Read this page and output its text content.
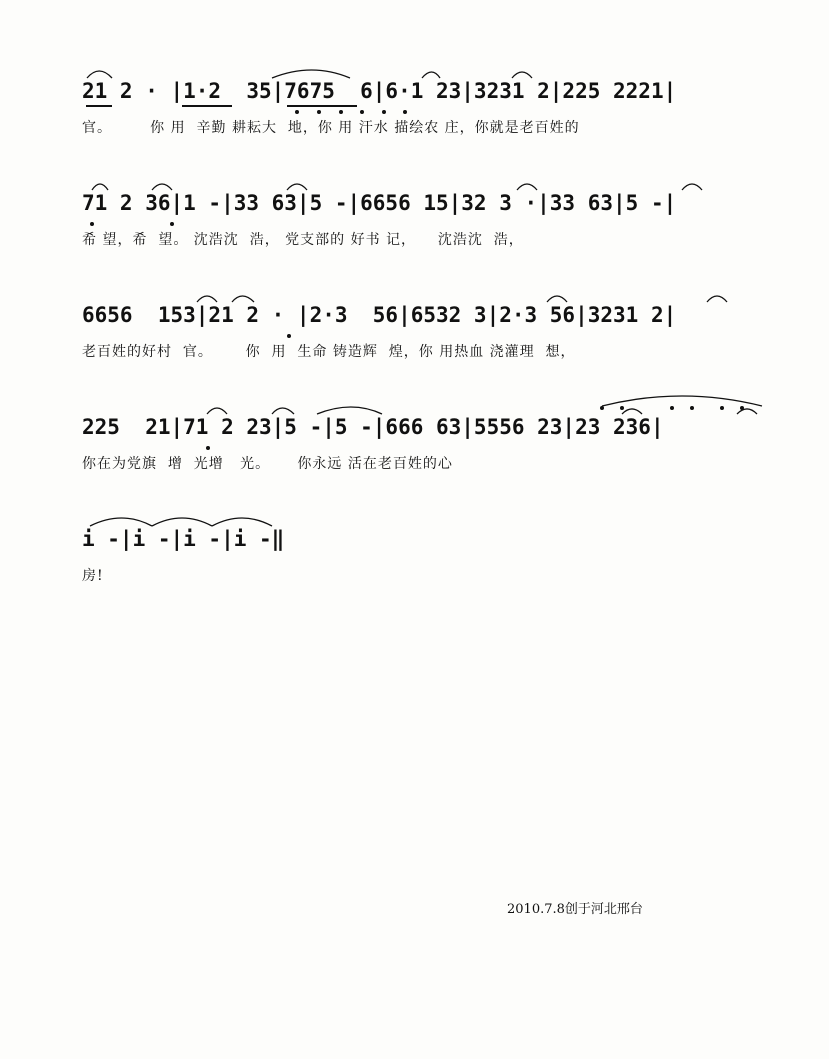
21 2 · |1·2  35|7675  6|6·1 23|3231 2|225 2221|
官。       你 用  辛勤 耕耘大  地，你 用 汗水 描绘农 庄，你就是老百姓的
71 2 36|1 -|33 63|5 -|6656 15|32 3 ·|33 63|5 -|
希 望，希  望。 沈浩沈  浩， 党支部的 好书 记，    沈浩沈  浩，
6656  153|21 2 · |2·3  56|6532 3|2·3 56|3231 2|
老百姓的好村  官。      你  用  生命 铸造辉  煌，你 用热血 浇灌理  想，
225  21|71 2 23|5 -|5 -|666 63|5556 23|23 236|
你在为党旗  增  光增   光。     你永远 活在老百姓的心
i -|i -|i -|i -‖
房!
2010.7.8创于河北邢台
